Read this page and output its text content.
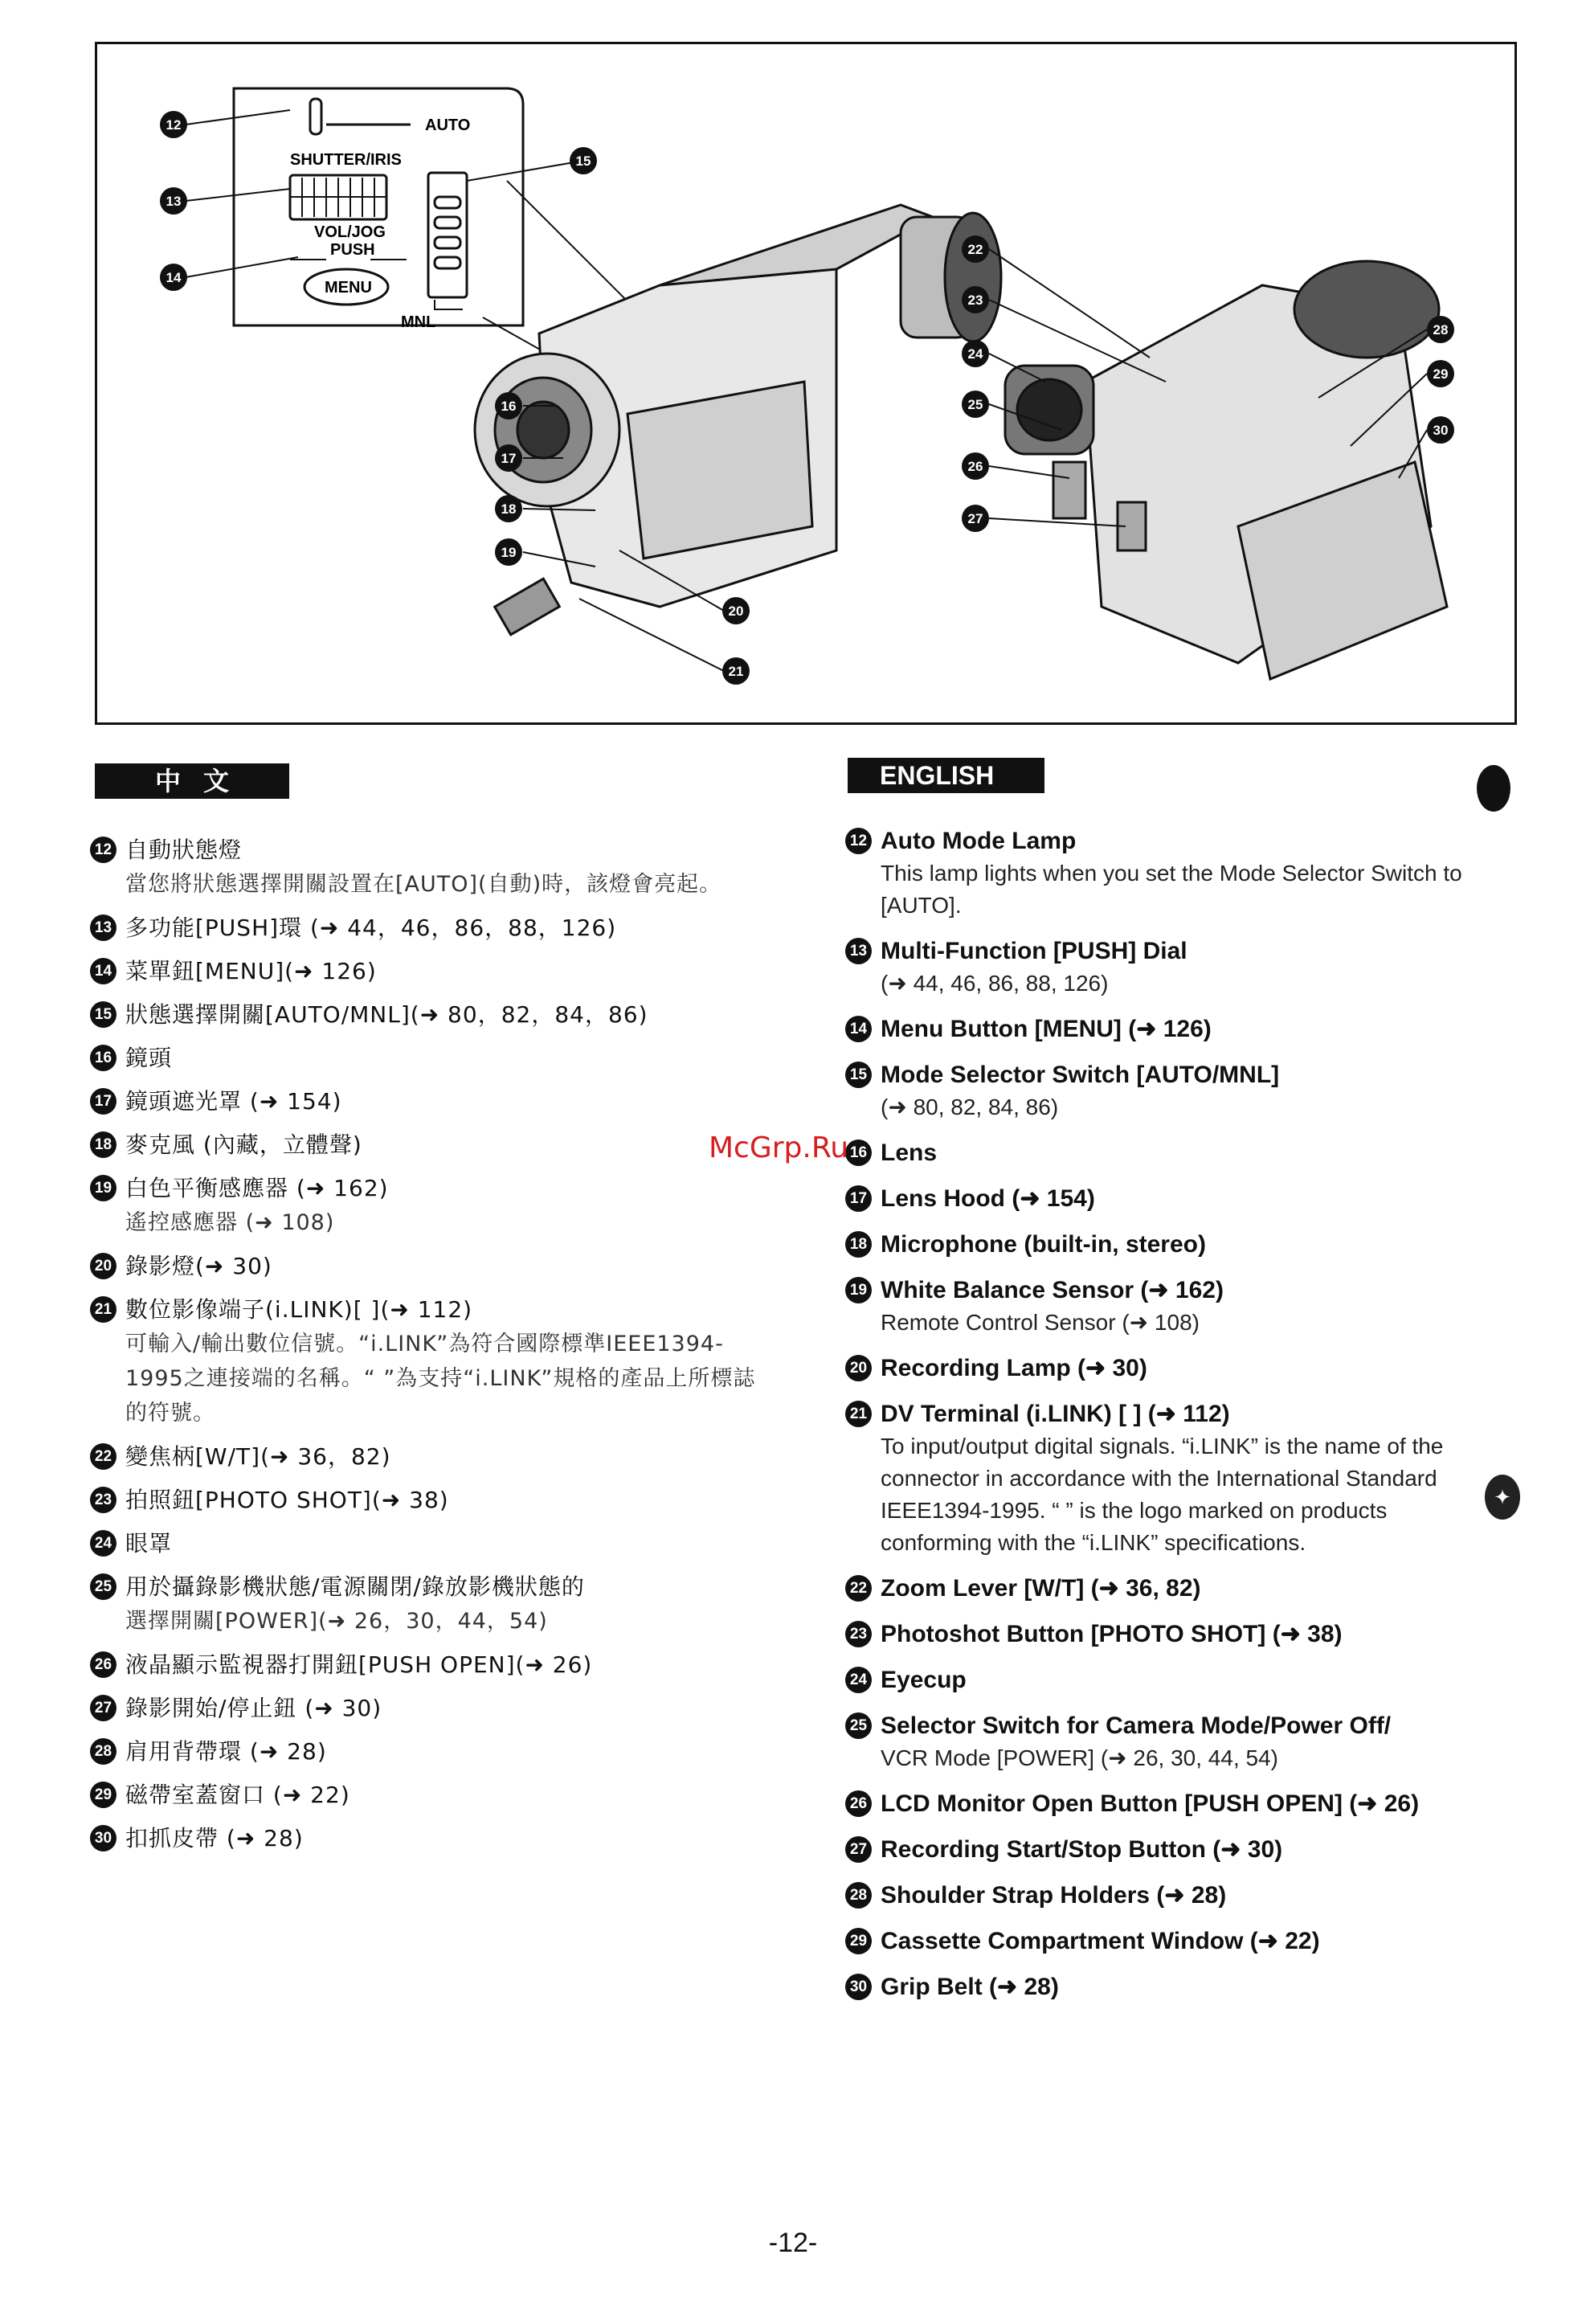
AUTO
SHUTTER/IRIS
VOL/JOG
PUSH
MENU
MNL
12
13
14
15
16
17
18
19
20
21
22
23
24
25
26
27
28
29
30
中文	ENGLISH
12 自動狀態燈
當您將狀態選擇開關設置在[AUTO](自動)時，該燈會亮起。
13 多功能[PUSH]環 (➜ 44，46，86，88，126)
14 菜單鈕[MENU](➜ 126)
15 狀態選擇開關[AUTO/MNL](➜ 80，82，84，86)
16 鏡頭
17 鏡頭遮光罩 (➜ 154)
18 麥克風 (內藏，立體聲)
19 白色平衡感應器 (➜ 162)
遙控感應器 (➜ 108)
20 錄影燈(➜ 30)
21 數位影像端子(i.LINK)[ ](➜ 112)
可輸入/輸出數位信號。“i.LINK”為符合國際標準IEEE1394-1995之連接端的名稱。“ ”為支持“i.LINK”規格的產品上所標誌的符號。
22 變焦柄[W/T](➜ 36，82)
23 拍照鈕[PHOTO SHOT](➜ 38)
24 眼罩
25 用於攝錄影機狀態/電源關閉/錄放影機狀態的
選擇開關[POWER](➜ 26，30，44，54)
26 液晶顯示監視器打開鈕[PUSH OPEN](➜ 26)
27 錄影開始/停止鈕 (➜ 30)
28 肩用背帶環 (➜ 28)
29 磁帶室蓋窗口 (➜ 22)
30 扣抓皮帶 (➜ 28)
12 Auto Mode Lamp
This lamp lights when you set the Mode Selector Switch to [AUTO].
13 Multi-Function [PUSH] Dial
(➜ 44, 46, 86, 88, 126)
14 Menu Button [MENU] (➜ 126)
15 Mode Selector Switch [AUTO/MNL]
(➜ 80, 82, 84, 86)
16 Lens
17 Lens Hood (➜ 154)
18 Microphone (built-in, stereo)
19 White Balance Sensor (➜ 162)
Remote Control Sensor (➜ 108)
20 Recording Lamp (➜ 30)
21 DV Terminal (i.LINK) [ ] (➜ 112)
To input/output digital signals. “i.LINK” is the name of the connector in accordance with the International Standard IEEE1394-1995. “ ” is the logo marked on products conforming with the “i.LINK” specifications.
22 Zoom Lever [W/T] (➜ 36, 82)
23 Photoshot Button [PHOTO SHOT] (➜ 38)
24 Eyecup
25 Selector Switch for Camera Mode/Power Off/
VCR Mode [POWER] (➜ 26, 30, 44, 54)
26 LCD Monitor Open Button [PUSH OPEN] (➜ 26)
27 Recording Start/Stop Button (➜ 30)
28 Shoulder Strap Holders (➜ 28)
29 Cassette Compartment Window (➜ 22)
30 Grip Belt (➜ 28)
✦
McGrp.Ru
-12-
